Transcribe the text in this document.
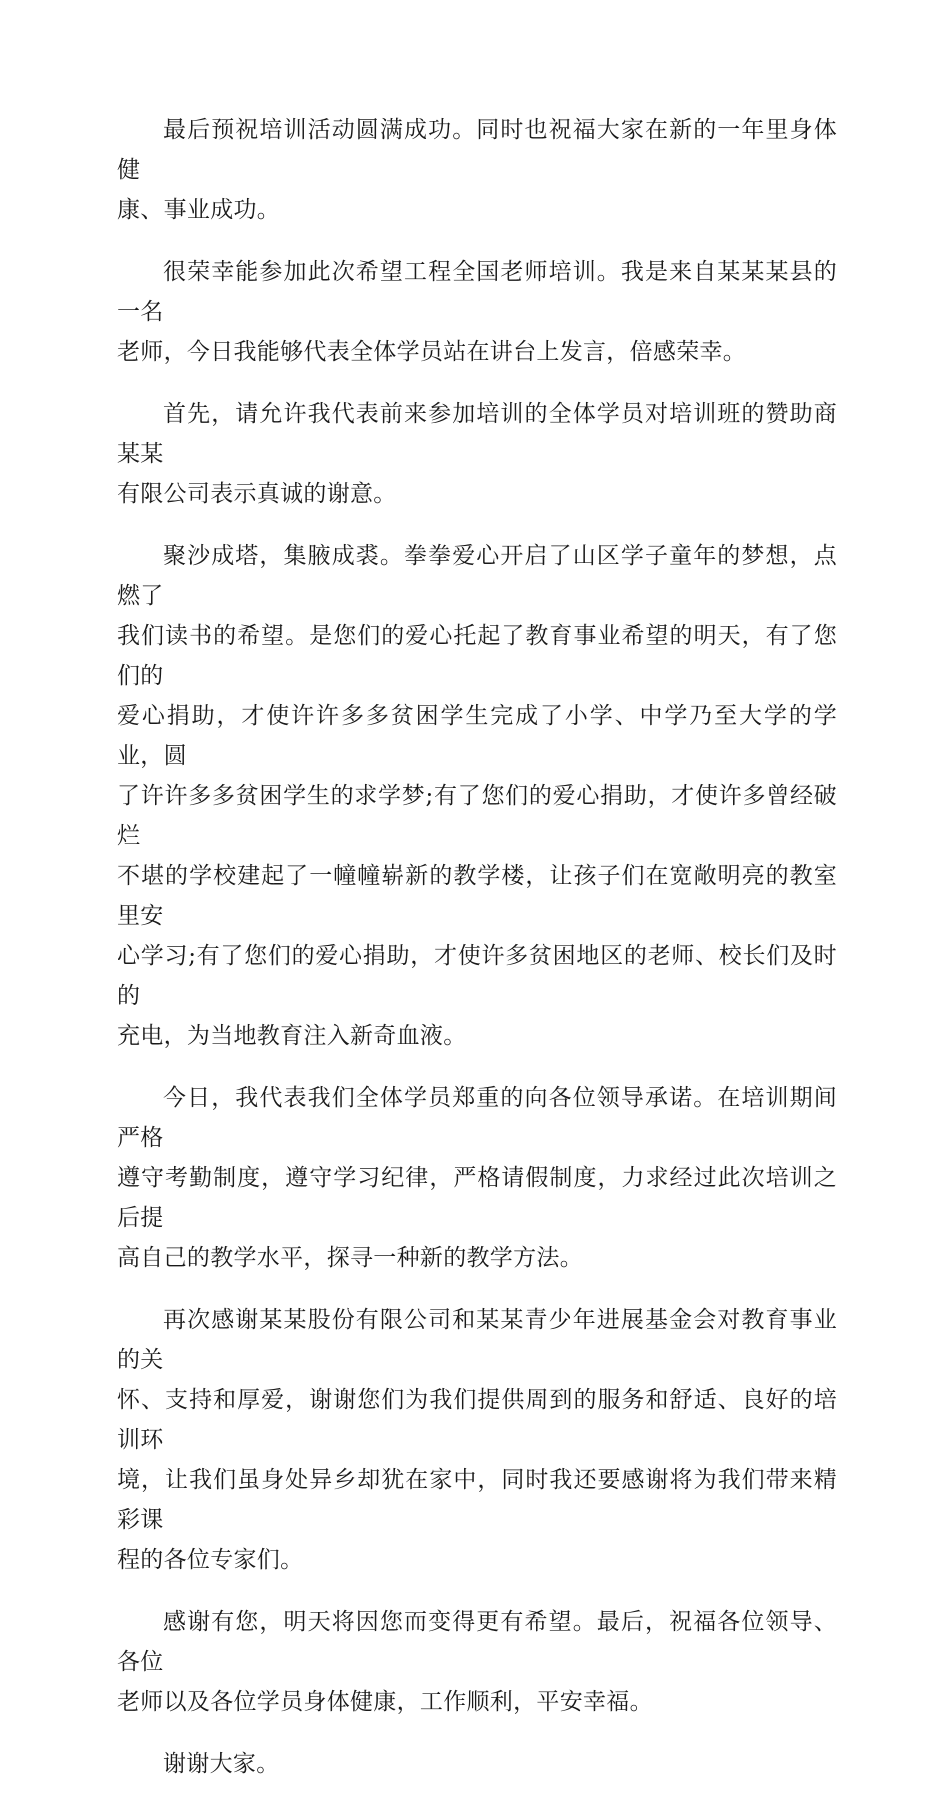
最后预祝培训活动圆满成功。同时也祝福大家在新的一年里身体健
康、事业成功。

很荣幸能参加此次希望工程全国老师培训。我是来自某某某县的一名
老师，今日我能够代表全体学员站在讲台上发言，倍感荣幸。

首先，请允许我代表前来参加培训的全体学员对培训班的赞助商某某
有限公司表示真诚的谢意。

聚沙成塔，集腋成裘。拳拳爱心开启了山区学子童年的梦想，点燃了
我们读书的希望。是您们的爱心托起了教育事业希望的明天，有了您们的
爱心捐助，才使许许多多贫困学生完成了小学、中学乃至大学的学业，圆
了许许多多贫困学生的求学梦;有了您们的爱心捐助，才使许多曾经破烂
不堪的学校建起了一幢幢崭新的教学楼，让孩子们在宽敞明亮的教室里安
心学习;有了您们的爱心捐助，才使许多贫困地区的老师、校长们及时的
充电，为当地教育注入新奇血液。

今日，我代表我们全体学员郑重的向各位领导承诺。在培训期间严格
遵守考勤制度，遵守学习纪律，严格请假制度，力求经过此次培训之后提
高自己的教学水平，探寻一种新的教学方法。

再次感谢某某股份有限公司和某某青少年进展基金会对教育事业的关
怀、支持和厚爱，谢谢您们为我们提供周到的服务和舒适、良好的培训环
境，让我们虽身处异乡却犹在家中，同时我还要感谢将为我们带来精彩课
程的各位专家们。

感谢有您，明天将因您而变得更有希望。最后，祝福各位领导、各位
老师以及各位学员身体健康，工作顺利，平安幸福。

谢谢大家。
